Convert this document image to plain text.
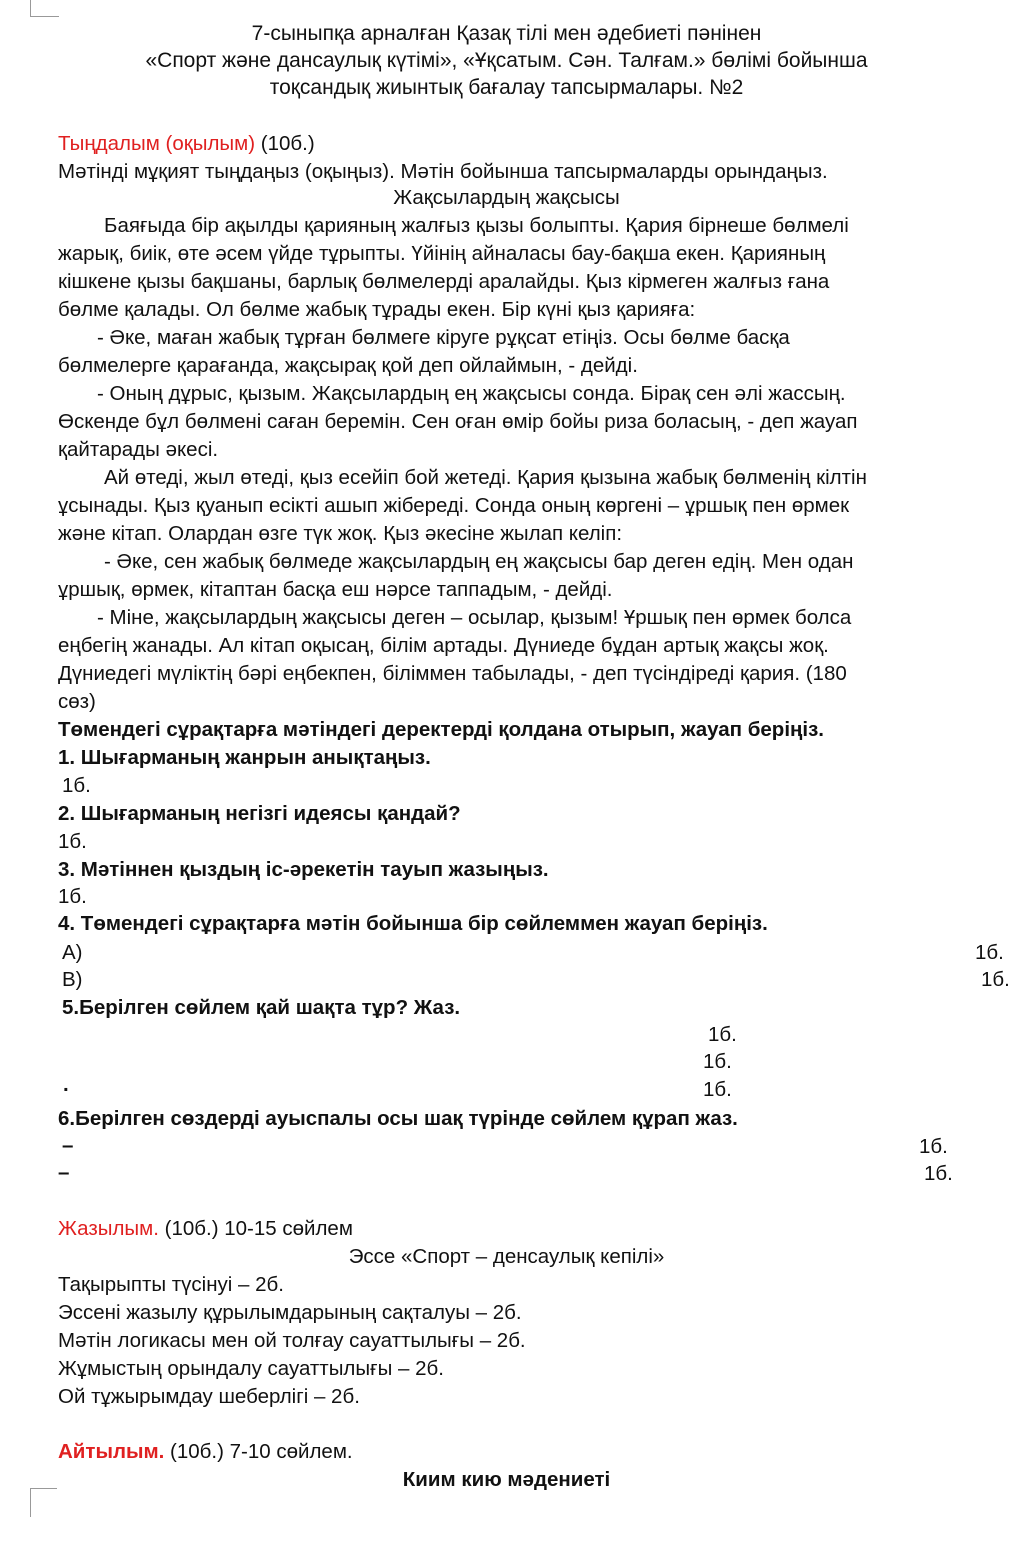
7-сыныпқа арналған Қазақ тілі мен әдебиеті пәнінен
«Спорт және дансаулық күтімі», «Ұқсатым. Сән. Талғам.» бөлімі бойынша
тоқсандық жиынтық бағалау тапсырмалары. №2
Тыңдалым (оқылым) (10б.)
Мәтінді мұқият тыңдаңыз (оқыңыз). Мәтін бойынша тапсырмаларды орындаңыз.
Жақсылардың жақсысы
Баяғыда бір ақылды қарияның жалғыз қызы болыпты. Қария бірнеше бөлмелі
жарық, биік, өте әсем үйде тұрыпты. Үйінің айналасы бау-бақша екен. Қарияның
кішкене қызы бақшаны, барлық бөлмелерді аралайды. Қыз кірмеген жалғыз ғана
бөлме қалады. Ол бөлме жабық тұрады екен. Бір күні қыз қарияға:
- Әке, маған жабық тұрған бөлмеге кіруге рұқсат етіңіз. Осы бөлме басқа
бөлмелерге қарағанда, жақсырақ қой деп ойлаймын, - дейді.
- Оның дұрыс, қызым. Жақсылардың ең жақсысы сонда. Бірақ сен әлі жассың.
Өскенде бұл бөлмені саған беремін. Сен оған өмір бойы риза боласың, - деп жауап
қайтарады әкесі.
Ай өтеді, жыл өтеді, қыз есейіп бой жетеді. Қария қызына жабық бөлменің кілтін
ұсынады. Қыз қуанып есікті ашып жібереді. Сонда оның көргені – ұршық пен өрмек
және кітап. Олардан өзге түк жоқ. Қыз әкесіне жылап келіп:
- Әке, сен жабық бөлмеде жақсылардың ең жақсысы бар деген едің. Мен одан
ұршық, өрмек, кітаптан басқа еш нәрсе таппадым, - дейді.
- Міне, жақсылардың жақсысы деген – осылар, қызым! Ұршық пен өрмек болса
еңбегің жанады. Ал кітап оқысаң, білім артады. Дүниеде бұдан артық жақсы жоқ.
Дүниедегі мүліктің бәрі еңбекпен, біліммен табылады, - деп түсіндіреді қария. (180
сөз)
Төмендегі сұрақтарға мәтіндегі деректерді қолдана отырып, жауап беріңіз.
1. Шығарманың жанрын анықтаңыз.
1б.
2. Шығарманың негізгі идеясы қандай?
1б.
3. Мәтіннен қыздың іс-әрекетін тауып жазыңыз.
1б.
4. Төмендегі сұрақтарға мәтін бойынша бір сөйлеммен жауап беріңіз.
А)	1б.
В)	1б.
5.Берілген сөйлем қай шақта тұр? Жаз.
1б.
1б.
.	1б.
6.Берілген сөздерді ауыспалы осы шақ түрінде сөйлем құрап жаз.
–	1б.
–	1б.
Жазылым. (10б.) 10-15 сөйлем
Эссе «Спорт – денсаулық кепілі»
Тақырыпты түсінуі – 2б.
Эссені жазылу құрылымдарының сақталуы – 2б.
Мәтін логикасы мен ой толғау сауаттылығы – 2б.
Жұмыстың орындалу сауаттылығы – 2б.
Ой тұжырымдау шеберлігі – 2б.
Айтылым. (10б.) 7-10 сөйлем.
Киим кию мәдениеті
